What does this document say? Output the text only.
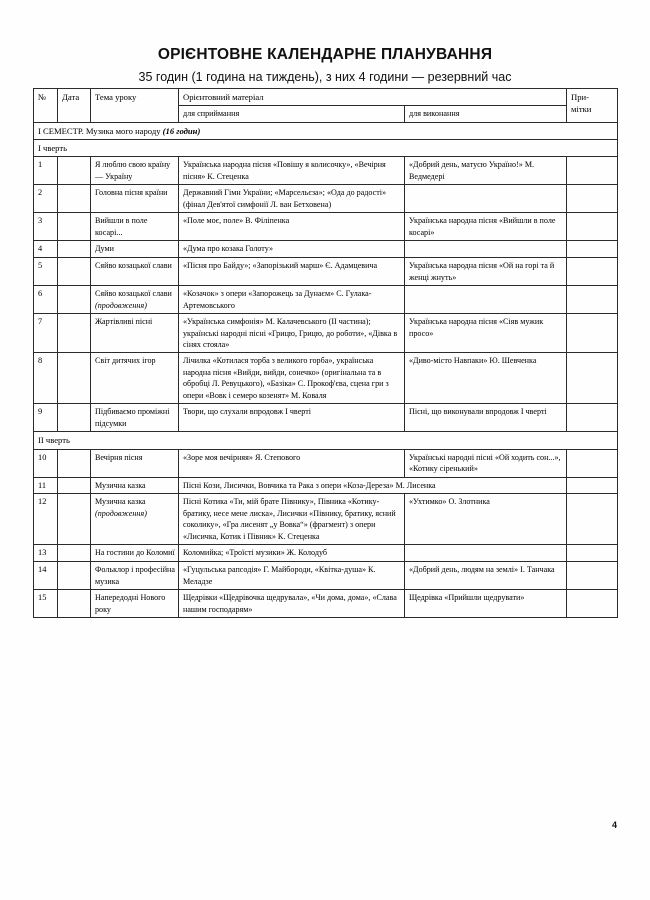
ОРІЄНТОВНЕ КАЛЕНДАРНЕ ПЛАНУВАННЯ
35 годин (1 година на тиждень), з них 4 години — резервний час
№	Дата	Тема уроку	Орієнтовний матеріал		При-
мітки
			для сприймання	для виконання	
І СЕМЕСТР. Музика мого народу (16 годин)					
І чверть					
1		Я люблю свою країну — Україну	Українська народна пісня «Повішу я колисочку», «Вечірня пісня» К. Стеценка	«Добрий день, матусю Україно!» М. Ведмедері	
2		Головна пісня країни	Державний Гімн України; «Марсельєза»; «Ода до радості» (фінал Дев'ятої симфонії Л. ван Бетховена)		
3		Вийшли в поле косарі...	«Поле моє, поле» В. Філіпенка	Українська народна пісня «Вийшли в поле косарі»	
4		Думи	«Дума про козака Голоту»		
5		Сяйво козацької слави	«Пісня про Байду»; «Запорізький марш» Є. Адамцевича	Українська народна пісня «Ой на горі та й женці жнуть»	
6		Сяйво козацької слави
(продовження)	«Козачок» з опери «Запорожець за Дунаєм» С. Гулака-Артемовського		
7		Жартівливі пісні	«Українська симфонія» М. Калачевського (ІІ частина); українські народні пісні «Грицю, Грицю, до роботи», «Дівка в сінях стояла»	Українська народна пісня «Сіяв мужик просо»	
8		Світ дитячих ігор	Лічилка «Котилася торба з великого горба», українська народна пісня «Вийди, вийди, сонечко» (оригінальна та в обробці Л. Ревуцького), «Базіка» С. Прокоф'єва, сцена гри з опери «Вовк і семеро козенят» М. Коваля	«Диво-місто Навпаки» Ю. Шевченка	
9		Підбиваємо проміжні підсумки	Твори, що слухали впродовж І чверті	Пісні, що виконували впродовж І чверті	
ІІ чверть					
10		Вечірня пісня	«Зоре моя вечірняя» Я. Степового	Українські народні пісні «Ой ходить сон...», «Котику сіренький»	
11		Музична казка	Пісні Кози, Лисички, Вовчика та Рака з опери «Коза-Дереза» М. Лисенка		
12		Музична казка
(продовження)	Пісні Котика «Ти, мій брате Півнику», Півника «Котику-братику, несе мене лиска», Лисички «Півнику, братику, ясний соколику», «Гра лисенят „у Вовка“» (фрагмент) з опери «Лисичка, Котик і Півник» К. Стеценка	«Ухтимко» О. Злотника	
13		На гостини до Коломиї	Коломийка; «Троїсті музики» Ж. Колодуб		
14		Фольклор і професійна музика	«Гуцульська рапсодія» Г. Майбороди, «Квітка-душа» К. Меладзе	«Добрий день, людям на землі» І. Танчака	
15		Напередодні Нового року	Щедрівки «Щедрівочка щедрувала», «Чи дома, дома», «Слава нашим господарям»	Щедрівка «Прийшли щедрувати»	
4
